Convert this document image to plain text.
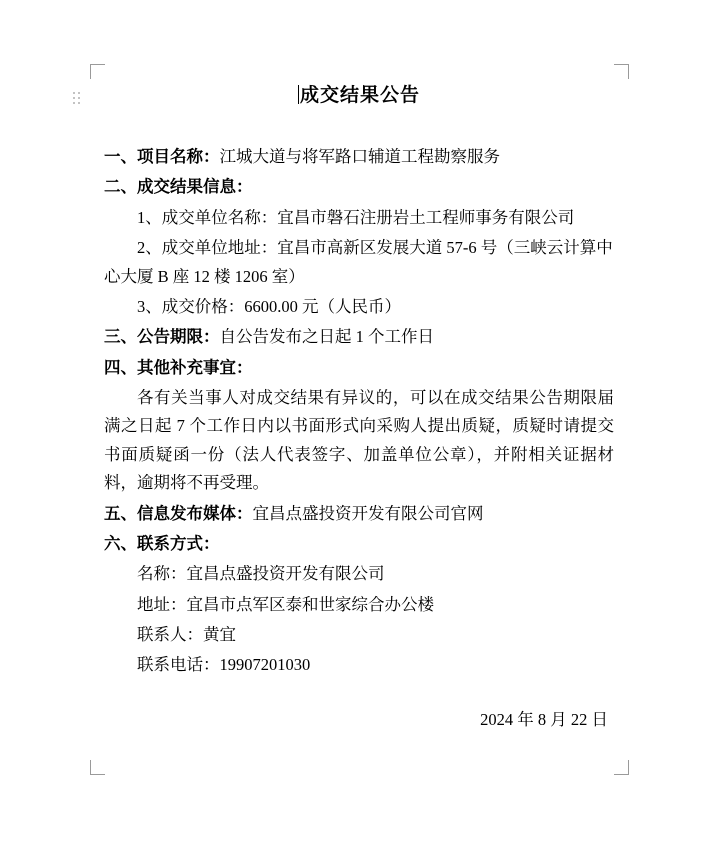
成交结果公告

一、项目名称：江城大道与将军路口辅道工程勘察服务

二、成交结果信息：

1、成交单位名称：宜昌市磐石注册岩土工程师事务有限公司

2、成交单位地址：宜昌市高新区发展大道 57-6 号（三峡云计算中心大厦 B 座 12 楼 1206 室）

3、成交价格：6600.00 元（人民币）

三、公告期限：自公告发布之日起 1 个工作日

四、其他补充事宜：

各有关当事人对成交结果有异议的，可以在成交结果公告期限届满之日起 7 个工作日内以书面形式向采购人提出质疑，质疑时请提交书面质疑函一份（法人代表签字、加盖单位公章），并附相关证据材料，逾期将不再受理。

五、信息发布媒体：宜昌点盛投资开发有限公司官网

六、联系方式：

名称：宜昌点盛投资开发有限公司

地址：宜昌市点军区泰和世家综合办公楼

联系人：黄宜

联系电话：19907201030

2024 年 8 月 22 日
